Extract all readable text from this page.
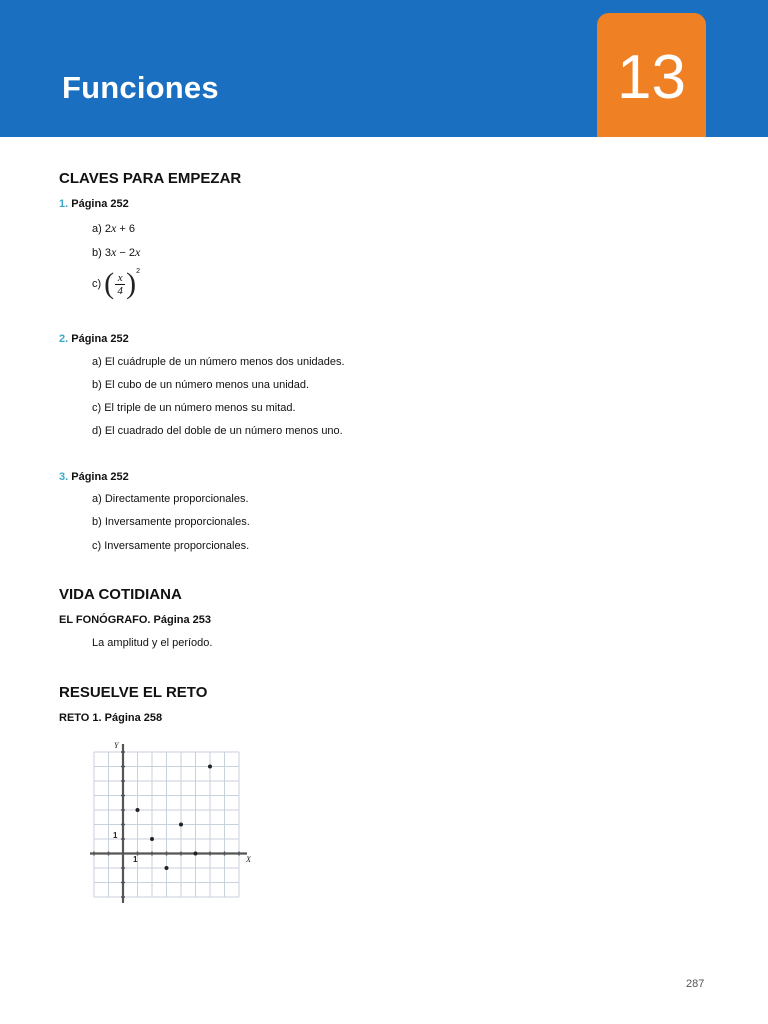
Funciones	13
CLAVES PARA EMPEZAR
1. Página 252
a) 2x + 6
b) 3x − 2x
c) ( $\frac{x}{4}$ ) 2
2. Página 252
a) El cuádruple de un número menos dos unidades.
b) El cubo de un número menos una unidad.
c) El triple de un número menos su mitad.
d) El cuadrado del doble de un número menos uno.
3. Página 252
a) Directamente proporcionales.
b) Inversamente proporcionales.
c) Inversamente proporcionales.
VIDA COTIDIANA
EL FONÓGRAFO. Página 253
La amplitud y el período.
RESUELVE EL RETO
RETO 1. Página 258
Y
X
1
1
287
